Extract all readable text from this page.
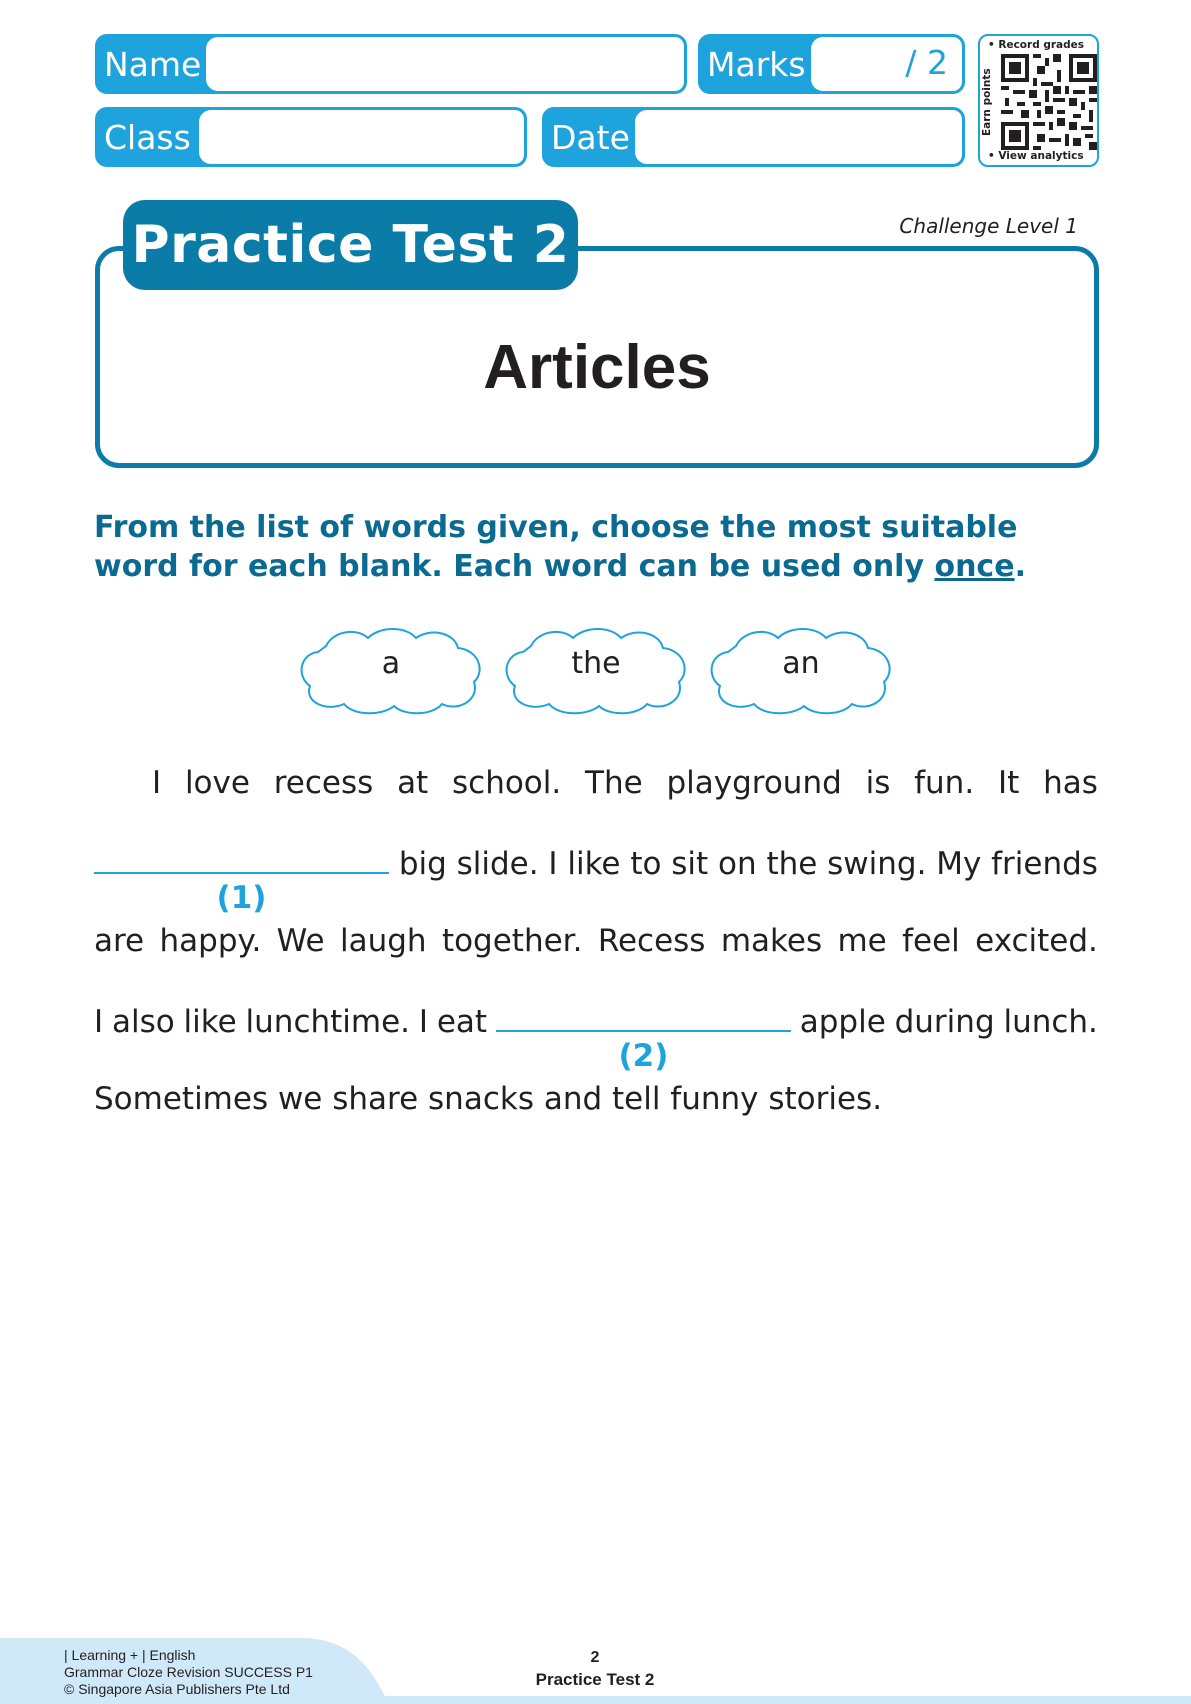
Name	Marks	/ 2
Class	Date
• Record grades
Earn points
• View analytics
Practice Test 2	Challenge Level 1
Articles
From the list of words given, choose the most suitable word for each blank. Each word can be used only once.
a	the	an
I love recess at school. The playground is fun. It has
(1)
big slide. I like to sit on the swing. My friends
are happy. We laugh together. Recess makes me feel excited.
I also like lunchtime. I eat
(2)
apple during lunch.
Sometimes we share snacks and tell funny stories.
| Learning + | English
Grammar Cloze Revision SUCCESS P1
© Singapore Asia Publishers Pte Ltd
2
Practice Test 2
